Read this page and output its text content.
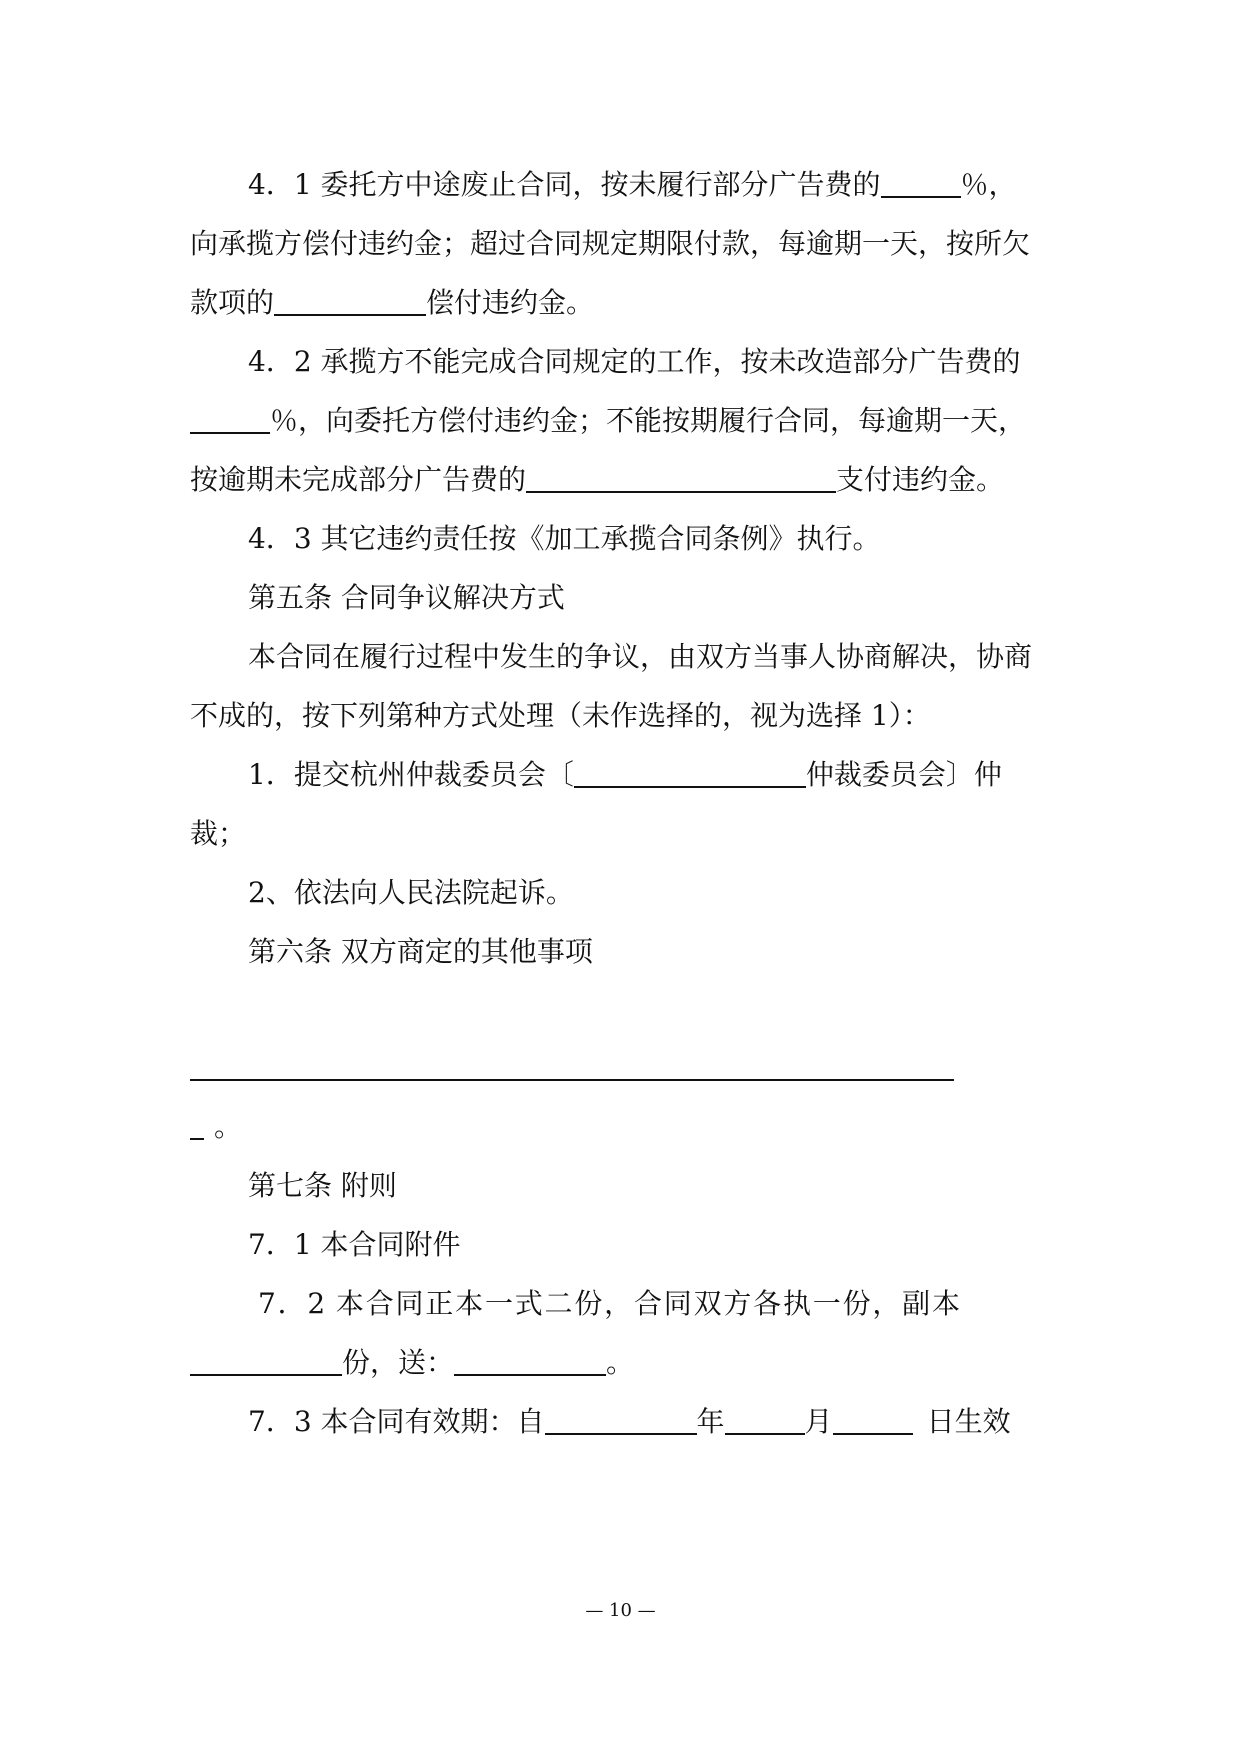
4．1 委托方中途废止合同，按未履行部分广告费的	％，
向承揽方偿付违约金；超过合同规定期限付款，每逾期一天，按所欠
款项的	偿付违约金。
4．2 承揽方不能完成合同规定的工作，按未改造部分广告费的
％，向委托方偿付违约金；不能按期履行合同，每逾期一天，
按逾期未完成部分广告费的	支付违约金。
4．3 其它违约责任按《加工承揽合同条例》执行。
第五条 合同争议解决方式
本合同在履行过程中发生的争议，由双方当事人协商解决，协商
不成的，按下列第种方式处理（未作选择的，视为选择 1）：
1．提交杭州仲裁委员会〔	仲裁委员会〕仲
裁；
2、依法向人民法院起诉。
第六条 双方商定的其他事项
。
第七条 附则
7．1 本合同附件
7．2 本合同正本一式二份，合同双方各执一份，副本
份，送：	。
7．3 本合同有效期：自	年	月	日生效
— 10 —
